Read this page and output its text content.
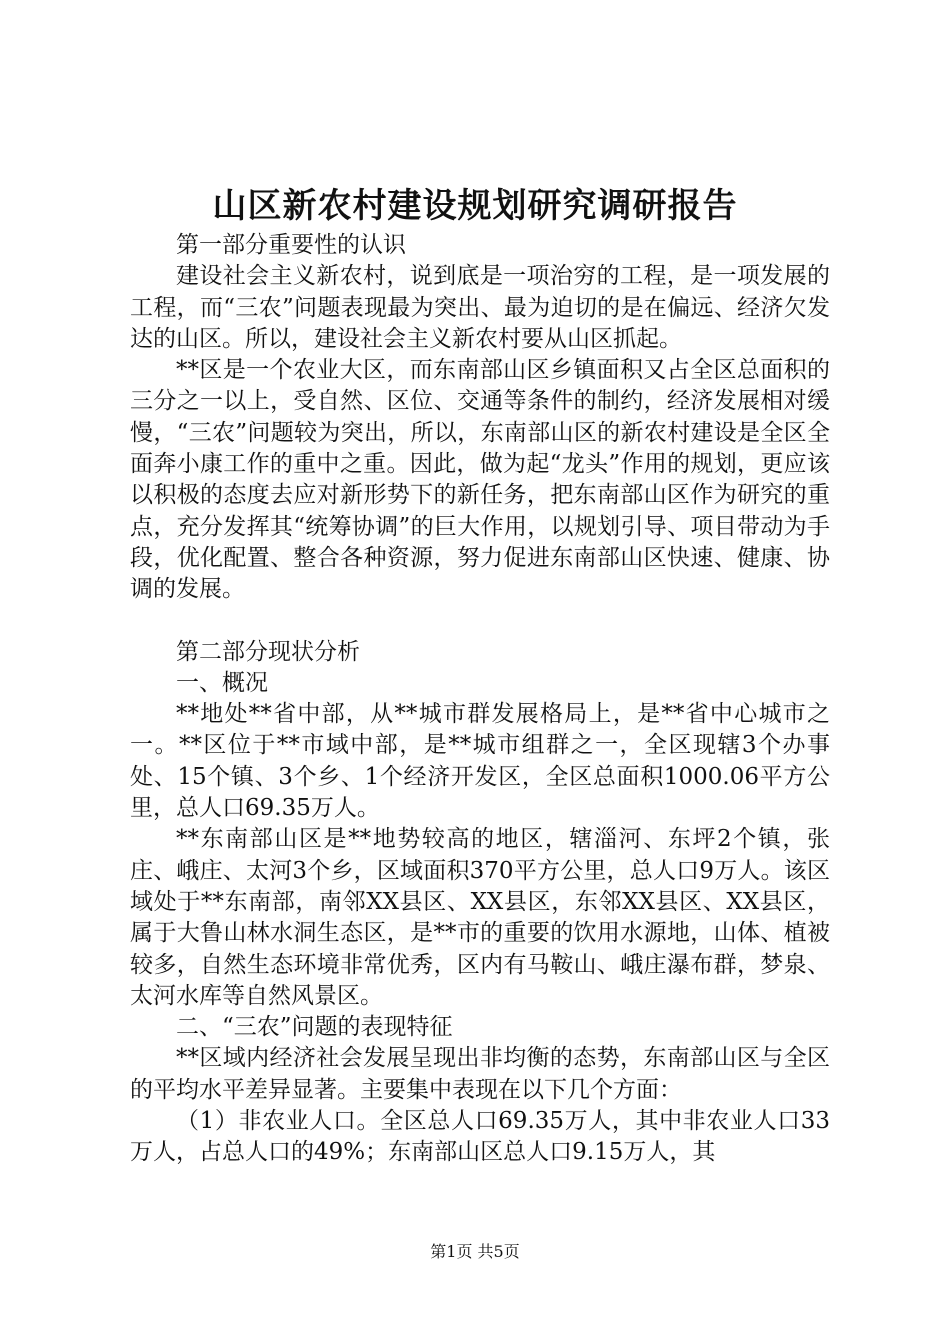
山区新农村建设规划研究调研报告

第一部分重要性的认识

建设社会主义新农村，说到底是一项治穷的工程，是一项发展的工程，而“三农”问题表现最为突出、最为迫切的是在偏远、经济欠发达的山区。所以，建设社会主义新农村要从山区抓起。

**区是一个农业大区，而东南部山区乡镇面积又占全区总面积的三分之一以上，受自然、区位、交通等条件的制约，经济发展相对缓慢，“三农”问题较为突出，所以，东南部山区的新农村建设是全区全面奔小康工作的重中之重。因此，做为起“龙头”作用的规划，更应该以积极的态度去应对新形势下的新任务，把东南部山区作为研究的重点，充分发挥其“统筹协调”的巨大作用，以规划引导、项目带动为手段，优化配置、整合各种资源，努力促进东南部山区快速、健康、协调的发展。

第二部分现状分析

一、概况

**地处**省中部，从**城市群发展格局上，是**省中心城市之一。**区位于**市域中部，是**城市组群之一，全区现辖3个办事处、15个镇、3个乡、1个经济开发区，全区总面积1000.06平方公里，总人口69.35万人。

**东南部山区是**地势较高的地区，辖淄河、东坪2个镇，张庄、峨庄、太河3个乡，区域面积370平方公里，总人口9万人。该区域处于**东南部，南邻XX县区、XX县区，东邻XX县区、XX县区，属于大鲁山林水洞生态区，是**市的重要的饮用水源地，山体、植被较多，自然生态环境非常优秀，区内有马鞍山、峨庄瀑布群，梦泉、太河水库等自然风景区。

二、“三农”问题的表现特征

**区域内经济社会发展呈现出非均衡的态势，东南部山区与全区的平均水平差异显著。主要集中表现在以下几个方面：

（1）非农业人口。全区总人口69.35万人，其中非农业人口33万人，占总人口的49%；东南部山区总人口9.15万人，其

第1页 共5页
